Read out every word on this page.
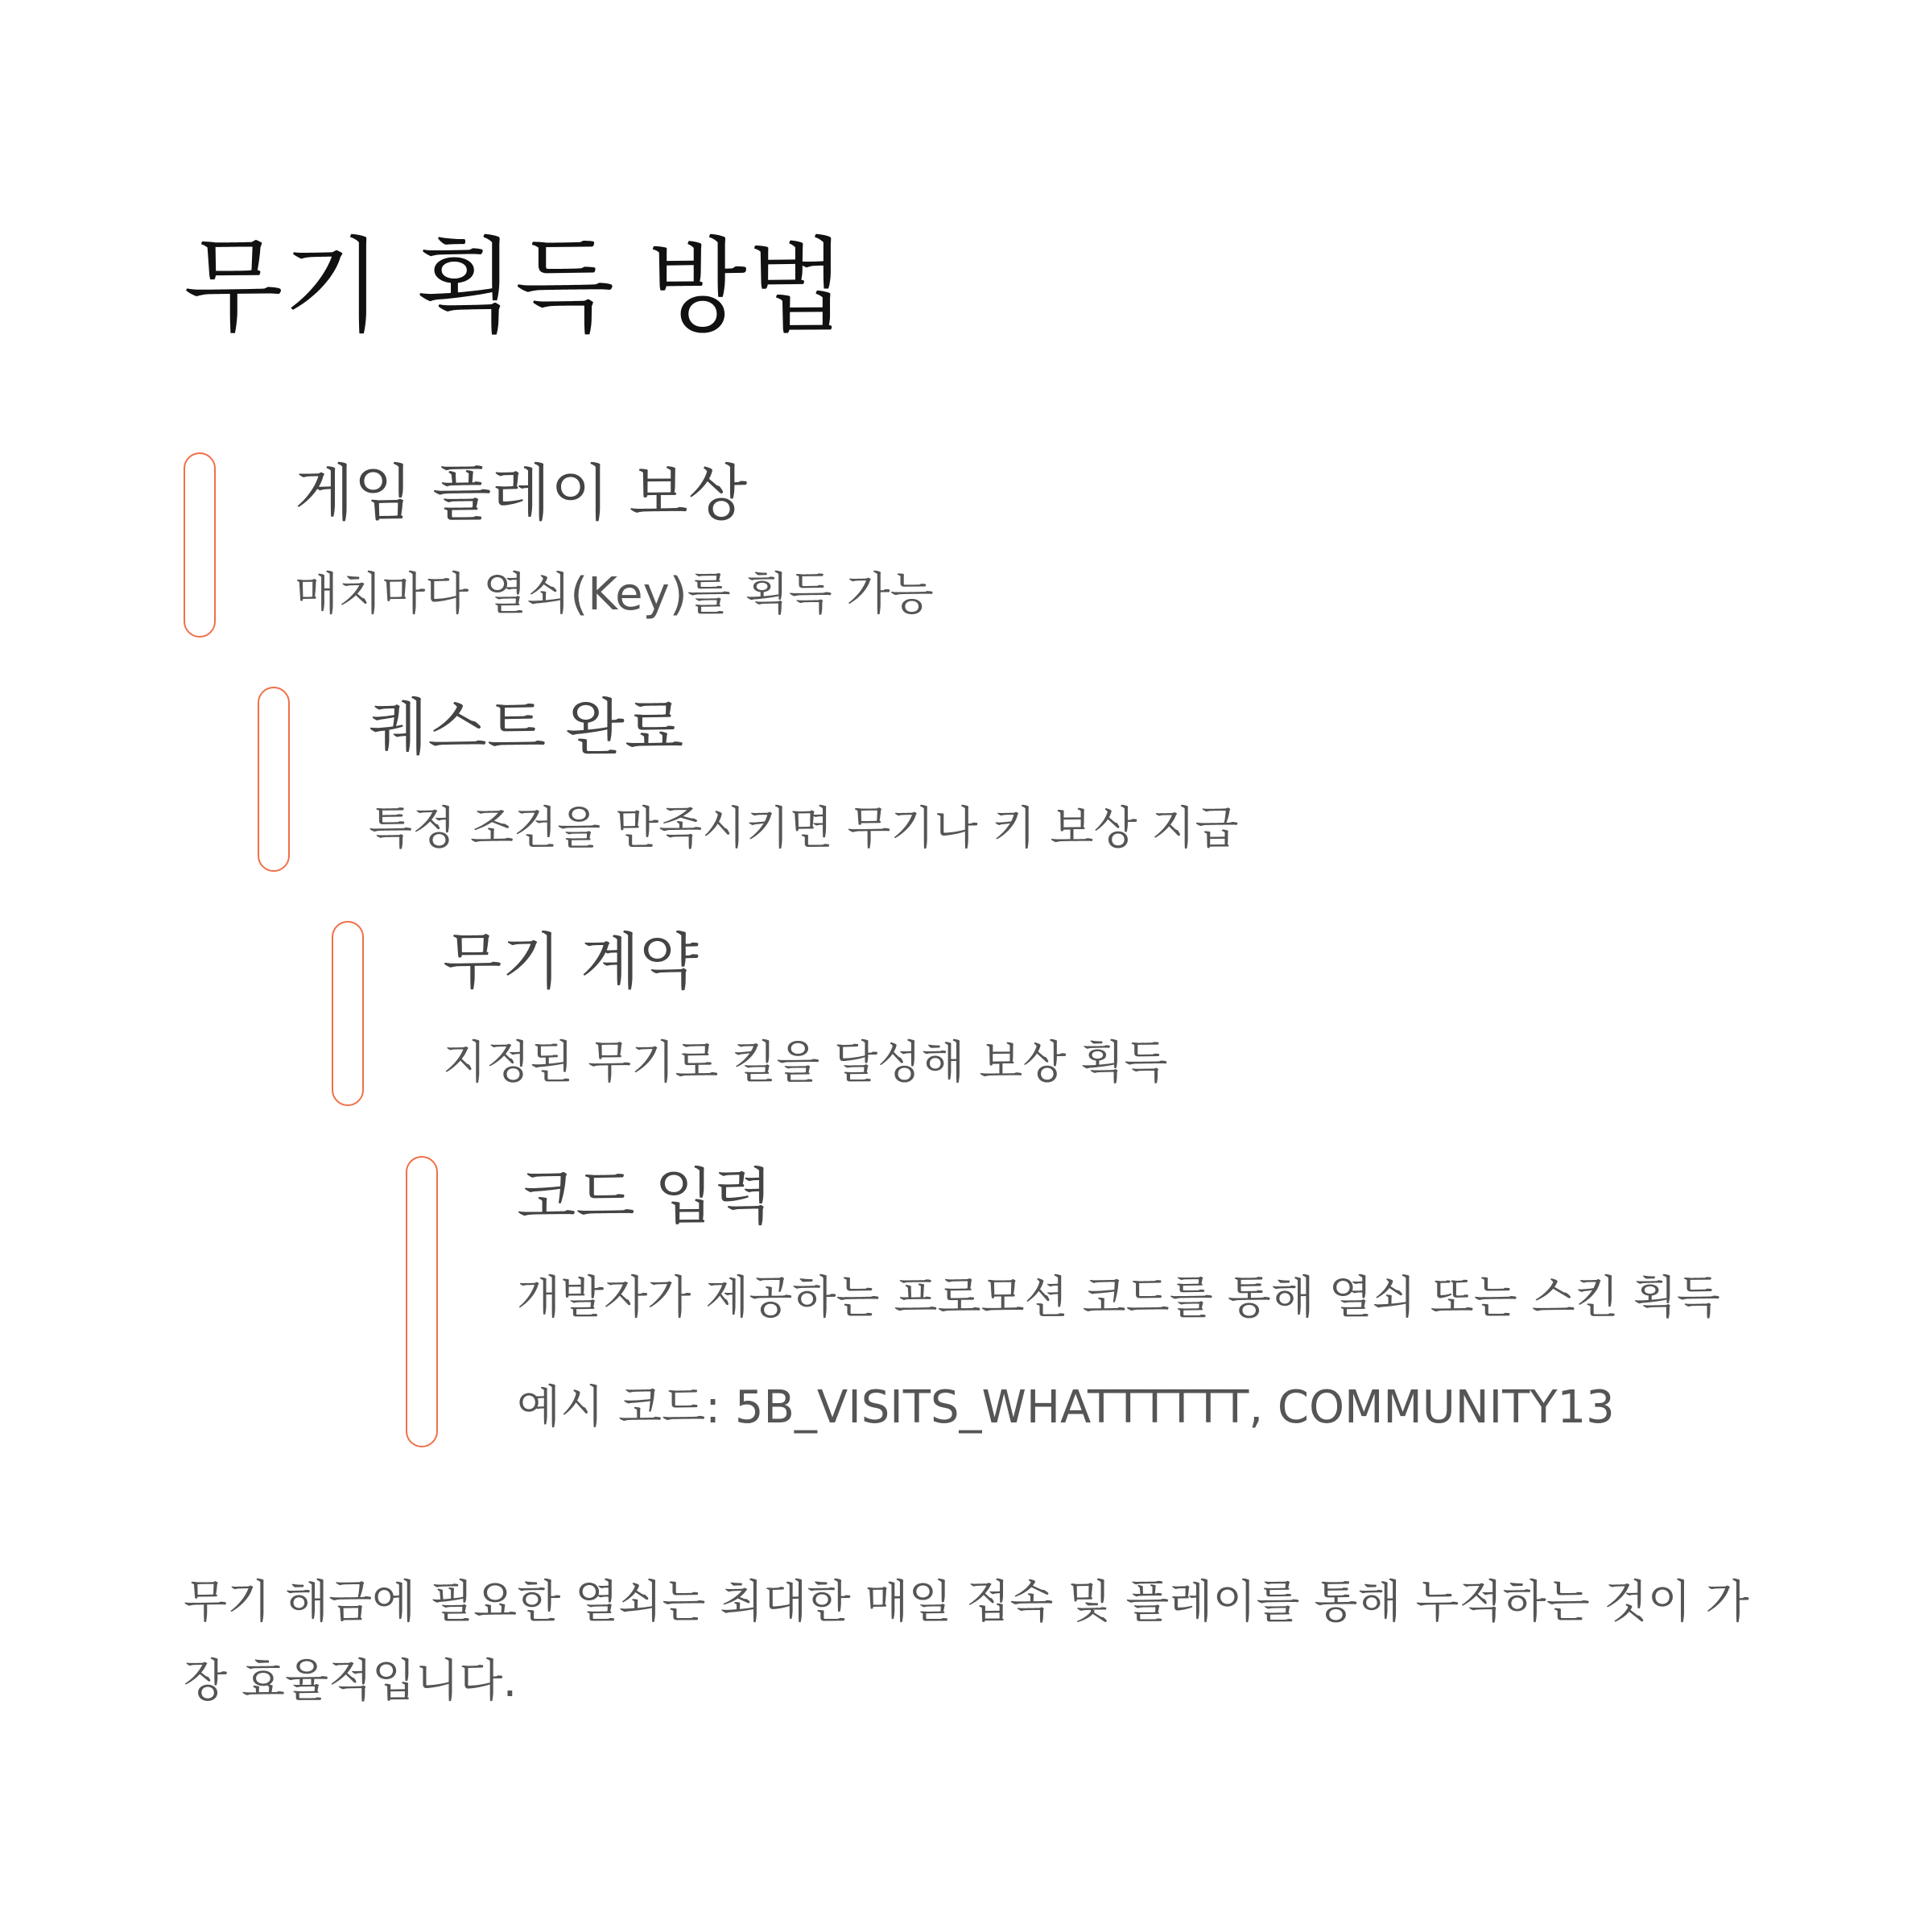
무기 획득 방법
게임 플레이 보상
매치마다 열쇠(Key)를 획득 가능
퀘스트 완료
특정 조건을 만족시키면 무기나 키 보상 지급
무기 계약
지정된 무기로 킬을 달성해 보상 획득
코드 입력
개발자가 제공하는 프로모션 코드를 통해 열쇠 또는 스킨 획득
예시 코드: 5B_VISITS_WHATTTTTT, COMMUNITY13
무기 해금에 필요한 열쇠는 최대한 매일 접속 및 플레이를 통해 누적하는 것이 가장 효율적입니다.
